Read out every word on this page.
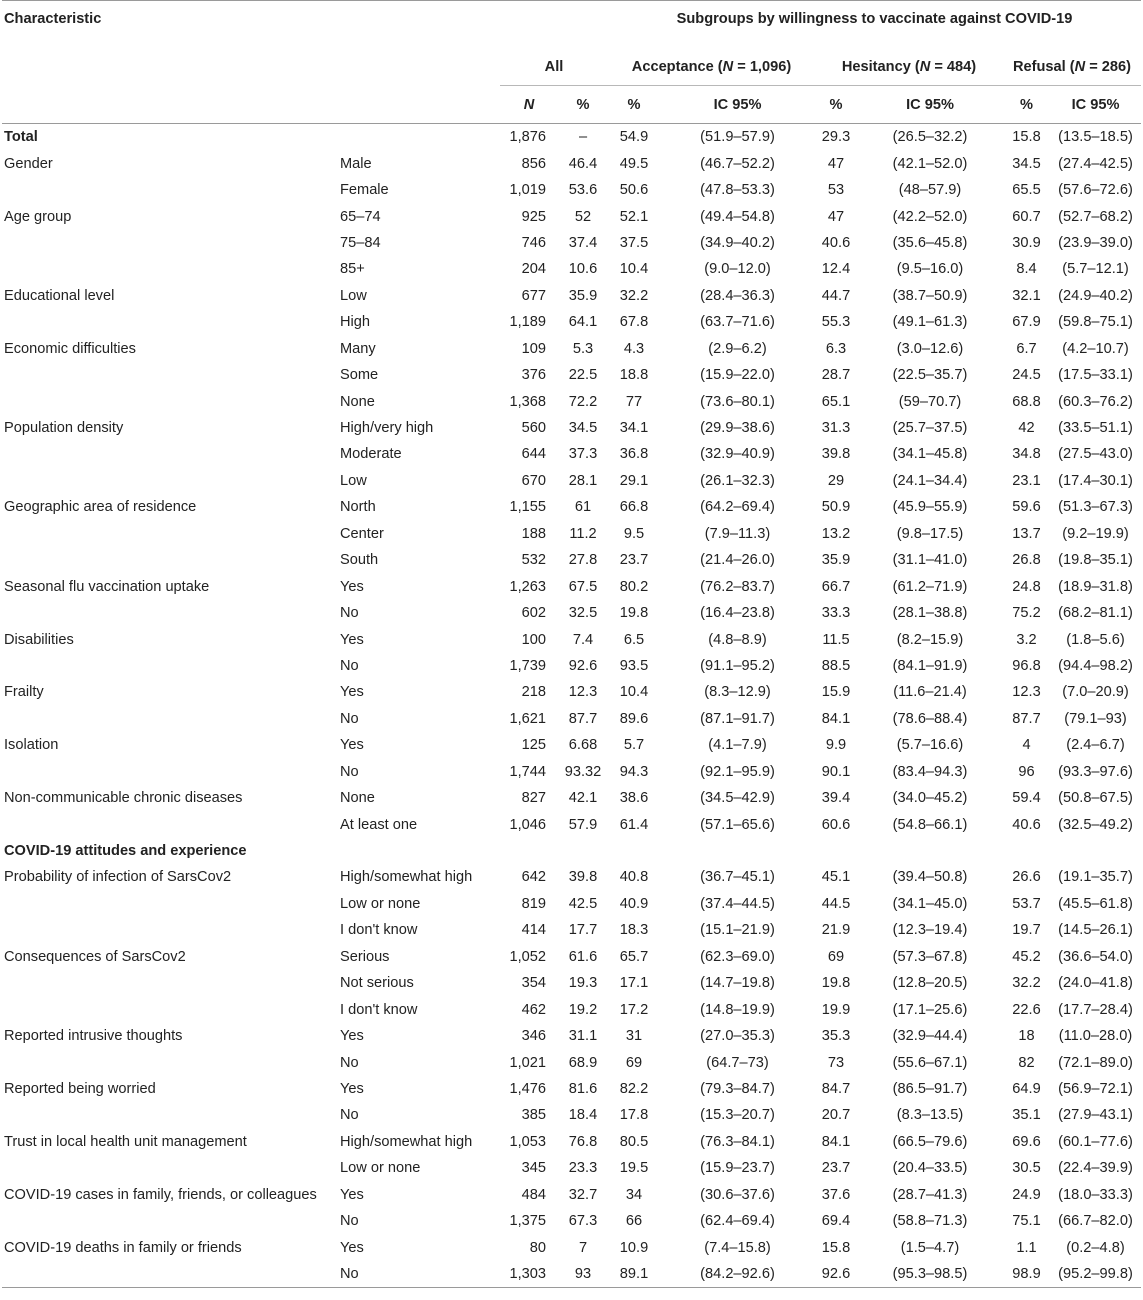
Characteristic				Subgroups by willingness to vaccinate against COVID-19					
		All		Acceptance (N = 1,096)		Hesitancy (N = 484)		Refusal (N = 286)	
		N	%	%	IC 95%	%	IC 95%	%	IC 95%
Total		1,876	–	54.9	(51.9–57.9)	29.3	(26.5–32.2)	15.8	(13.5–18.5)
Gender	Male	856	46.4	49.5	(46.7–52.2)	47	(42.1–52.0)	34.5	(27.4–42.5)
	Female	1,019	53.6	50.6	(47.8–53.3)	53	(48–57.9)	65.5	(57.6–72.6)
Age group	65–74	925	52	52.1	(49.4–54.8)	47	(42.2–52.0)	60.7	(52.7–68.2)
	75–84	746	37.4	37.5	(34.9–40.2)	40.6	(35.6–45.8)	30.9	(23.9–39.0)
	85+	204	10.6	10.4	(9.0–12.0)	12.4	(9.5–16.0)	8.4	(5.7–12.1)
Educational level	Low	677	35.9	32.2	(28.4–36.3)	44.7	(38.7–50.9)	32.1	(24.9–40.2)
	High	1,189	64.1	67.8	(63.7–71.6)	55.3	(49.1–61.3)	67.9	(59.8–75.1)
Economic difficulties	Many	109	5.3	4.3	(2.9–6.2)	6.3	(3.0–12.6)	6.7	(4.2–10.7)
	Some	376	22.5	18.8	(15.9–22.0)	28.7	(22.5–35.7)	24.5	(17.5–33.1)
	None	1,368	72.2	77	(73.6–80.1)	65.1	(59–70.7)	68.8	(60.3–76.2)
Population density	High/very high	560	34.5	34.1	(29.9–38.6)	31.3	(25.7–37.5)	42	(33.5–51.1)
	Moderate	644	37.3	36.8	(32.9–40.9)	39.8	(34.1–45.8)	34.8	(27.5–43.0)
	Low	670	28.1	29.1	(26.1–32.3)	29	(24.1–34.4)	23.1	(17.4–30.1)
Geographic area of residence	North	1,155	61	66.8	(64.2–69.4)	50.9	(45.9–55.9)	59.6	(51.3–67.3)
	Center	188	11.2	9.5	(7.9–11.3)	13.2	(9.8–17.5)	13.7	(9.2–19.9)
	South	532	27.8	23.7	(21.4–26.0)	35.9	(31.1–41.0)	26.8	(19.8–35.1)
Seasonal flu vaccination uptake	Yes	1,263	67.5	80.2	(76.2–83.7)	66.7	(61.2–71.9)	24.8	(18.9–31.8)
	No	602	32.5	19.8	(16.4–23.8)	33.3	(28.1–38.8)	75.2	(68.2–81.1)
Disabilities	Yes	100	7.4	6.5	(4.8–8.9)	11.5	(8.2–15.9)	3.2	(1.8–5.6)
	No	1,739	92.6	93.5	(91.1–95.2)	88.5	(84.1–91.9)	96.8	(94.4–98.2)
Frailty	Yes	218	12.3	10.4	(8.3–12.9)	15.9	(11.6–21.4)	12.3	(7.0–20.9)
	No	1,621	87.7	89.6	(87.1–91.7)	84.1	(78.6–88.4)	87.7	(79.1–93)
Isolation	Yes	125	6.68	5.7	(4.1–7.9)	9.9	(5.7–16.6)	4	(2.4–6.7)
	No	1,744	93.32	94.3	(92.1–95.9)	90.1	(83.4–94.3)	96	(93.3–97.6)
Non-communicable chronic diseases	None	827	42.1	38.6	(34.5–42.9)	39.4	(34.0–45.2)	59.4	(50.8–67.5)
	At least one	1,046	57.9	61.4	(57.1–65.6)	60.6	(54.8–66.1)	40.6	(32.5–49.2)
COVID-19 attitudes and experience									
Probability of infection of SarsCov2	High/somewhat high	642	39.8	40.8	(36.7–45.1)	45.1	(39.4–50.8)	26.6	(19.1–35.7)
	Low or none	819	42.5	40.9	(37.4–44.5)	44.5	(34.1–45.0)	53.7	(45.5–61.8)
	I don't know	414	17.7	18.3	(15.1–21.9)	21.9	(12.3–19.4)	19.7	(14.5–26.1)
Consequences of SarsCov2	Serious	1,052	61.6	65.7	(62.3–69.0)	69	(57.3–67.8)	45.2	(36.6–54.0)
	Not serious	354	19.3	17.1	(14.7–19.8)	19.8	(12.8–20.5)	32.2	(24.0–41.8)
	I don't know	462	19.2	17.2	(14.8–19.9)	19.9	(17.1–25.6)	22.6	(17.7–28.4)
Reported intrusive thoughts	Yes	346	31.1	31	(27.0–35.3)	35.3	(32.9–44.4)	18	(11.0–28.0)
	No	1,021	68.9	69	(64.7–73)	73	(55.6–67.1)	82	(72.1–89.0)
Reported being worried	Yes	1,476	81.6	82.2	(79.3–84.7)	84.7	(86.5–91.7)	64.9	(56.9–72.1)
	No	385	18.4	17.8	(15.3–20.7)	20.7	(8.3–13.5)	35.1	(27.9–43.1)
Trust in local health unit management	High/somewhat high	1,053	76.8	80.5	(76.3–84.1)	84.1	(66.5–79.6)	69.6	(60.1–77.6)
	Low or none	345	23.3	19.5	(15.9–23.7)	23.7	(20.4–33.5)	30.5	(22.4–39.9)
COVID-19 cases in family, friends, or colleagues	Yes	484	32.7	34	(30.6–37.6)	37.6	(28.7–41.3)	24.9	(18.0–33.3)
	No	1,375	67.3	66	(62.4–69.4)	69.4	(58.8–71.3)	75.1	(66.7–82.0)
COVID-19 deaths in family or friends	Yes	80	7	10.9	(7.4–15.8)	15.8	(1.5–4.7)	1.1	(0.2–4.8)
	No	1,303	93	89.1	(84.2–92.6)	92.6	(95.3–98.5)	98.9	(95.2–99.8)
